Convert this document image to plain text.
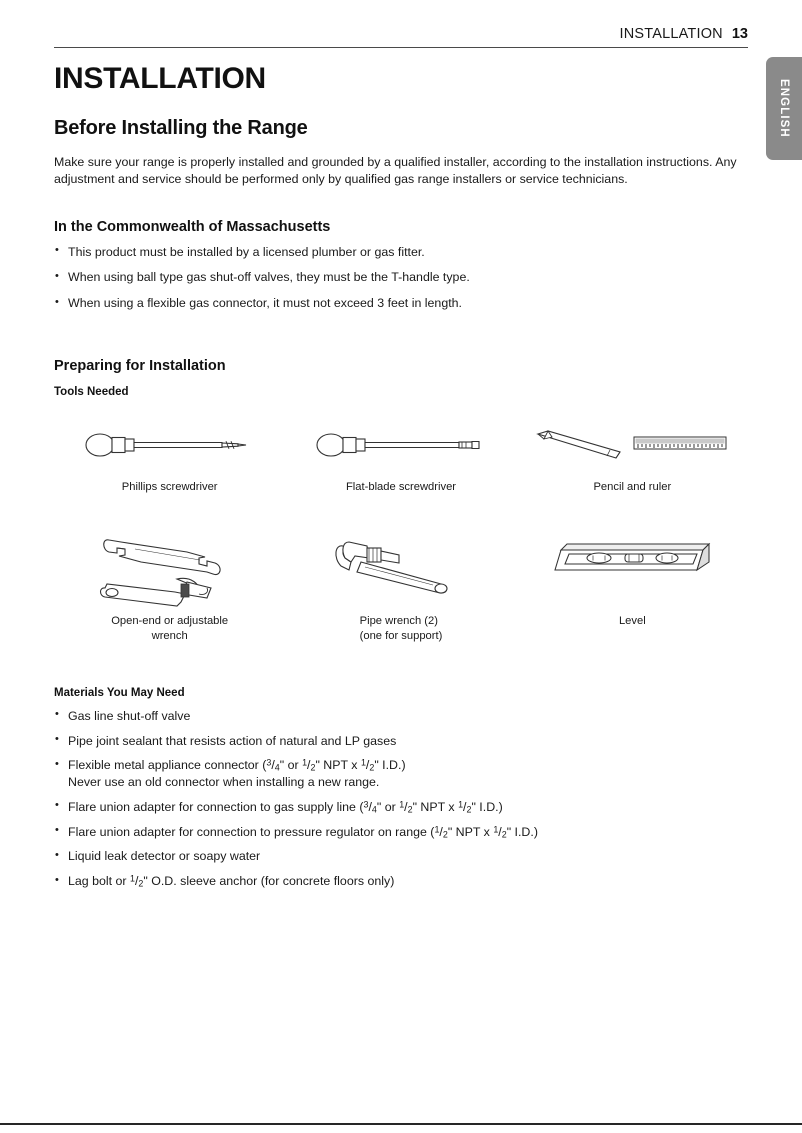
INSTALLATION 13
ENGLISH
INSTALLATION
Before Installing the Range

Make sure your range is properly installed and grounded by a qualified installer, according to the installation instructions. Any adjustment and service should be performed only by qualified gas range installers or service technicians.

In the Commonwealth of Massachusetts
• This product must be installed by a licensed plumber or gas fitter.
• When using ball type gas shut-off valves, they must be the T-handle type.
• When using a flexible gas connector, it must not exceed 3 feet in length.
Preparing for Installation
Tools Needed
Phillips screwdriver	Flat-blade screwdriver	Pencil and ruler
Open-end or adjustable
wrench
Pipe wrench (2)
(one for support)
Level
Materials You May Need
• Gas line shut-off valve
• Pipe joint sealant that resists action of natural and LP gases
• Flexible metal appliance connector ($^3$/4" or $^1$/2" NPT x $^1$/2" I.D.)
Never use an old connector when installing a new range.
• Flare union adapter for connection to gas supply line ($^3$/4" or $^1$/2" NPT x $^1$/2" I.D.)
• Flare union adapter for connection to pressure regulator on range ($^1$/2" NPT x $^1$/2" I.D.)
• Liquid leak detector or soapy water
• Lag bolt or $^1$/2" O.D. sleeve anchor (for concrete floors only)
